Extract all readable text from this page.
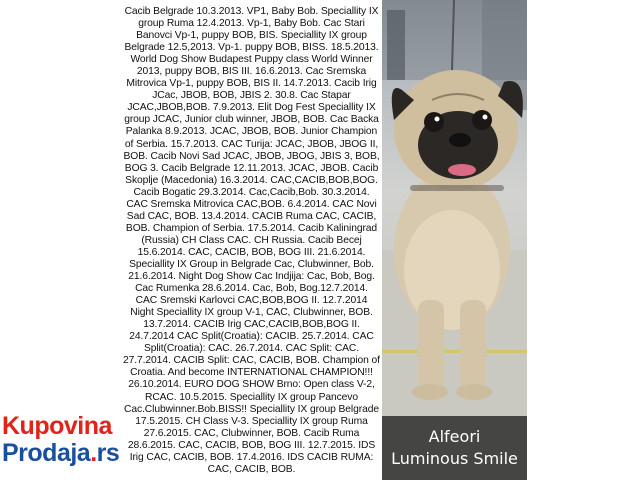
Cacib Belgrade 10.3.2013. VP1, Baby Bob. Speciallity IX group Ruma 12.4.2013. Vp-1, Baby Bob. Cac Stari Banovci Vp-1, puppy BOB, BIS. Speciallity IX group Belgrade 12.5,2013. Vp-1. puppy BOB, BISS. 18.5.2013. World Dog Show Budapest Puppy class World Winner 2013, puppy BOB, BIS III. 16.6.2013. Cac Sremska Mitrovica Vp-1, puppy BOB, BIS II. 14.7.2013. Cacib Irig JCac, JBOB, BOB, JBIS 2. 30.8. Cac Stapar JCAC,JBOB,BOB. 7.9.2013. Elit Dog Fest Speciallity IX group JCAC, Junior club winner, JBOB, BOB. Cac Backa Palanka 8.9.2013. JCAC, JBOB, BOB. Junior Champion of Serbia. 15.7.2013. CAC Turija: JCAC, JBOB, JBOG II, BOB. Cacib Novi Sad JCAC, JBOB, JBOG, JBIS 3, BOB, BOG 3. Cacib Belgrade 12.11.2013. JCAC, JBOB. Cacib Skoplje (Macedonia) 16.3.2014. CAC,CACIB,BOB,BOG. Cacib Bogatic 29.3.2014. Cac,Cacib,Bob. 30.3.2014. CAC Sremska Mitrovica CAC,BOB. 6.4.2014. CAC Novi Sad CAC, BOB. 13.4.2014. CACIB Ruma CAC, CACIB, BOB. Champion of Serbia. 17.5.2014. Cacib Kaliningrad (Russia) CH Class CAC. CH Russia. Cacib Becej 15.6.2014. CAC, CACIB, BOB, BOG III. 21.6.2014. Speciallity IX Group in Belgrade Cac, Clubwinner, Bob. 21.6.2014. Night Dog Show Cac Indjija: Cac, Bob, Bog. Cac Rumenka 28.6.2014. Cac, Bob, Bog.12.7.2014. CAC Sremski Karlovci CAC,BOB,BOG II. 12.7.2014 Night Speciallity IX group V-1, CAC, Clubwinner, BOB. 13.7.2014. CACIB Irig CAC,CACIB,BOB,BOG II. 24.7.2014 CAC Split(Croatia): CACIB. 25.7.2014. CAC Split(Croatia): CAC. 26.7.2014. CAC Split: CAC. 27.7.2014. CACIB Split: CAC, CACIB, BOB. Champion of Croatia. And become INTERNATIONAL CHAMPION!!! 26.10.2014. EURO DOG SHOW Brno: Open class V-2, RCAC. 10.5.2015. Speciallity IX group Pancevo Cac.Clubwinner.Bob.BISS!! Speciallity IX group Belgrade 17.5.2015. CH Class V-3. Speciallity IX group Ruma 27.6.2015. CAC, Clubwinner, BOB. Cacib Ruma 28.6.2015. CAC, CACIB, BOB, BOG III. 12.7.2015. IDS Irig CAC, CACIB, BOB. 17.4.2016. IDS CACIB RUMA: CAC, CACIB, BOB.

Alfeori
Luminous Smile
Kupovina
Prodaja.rs
